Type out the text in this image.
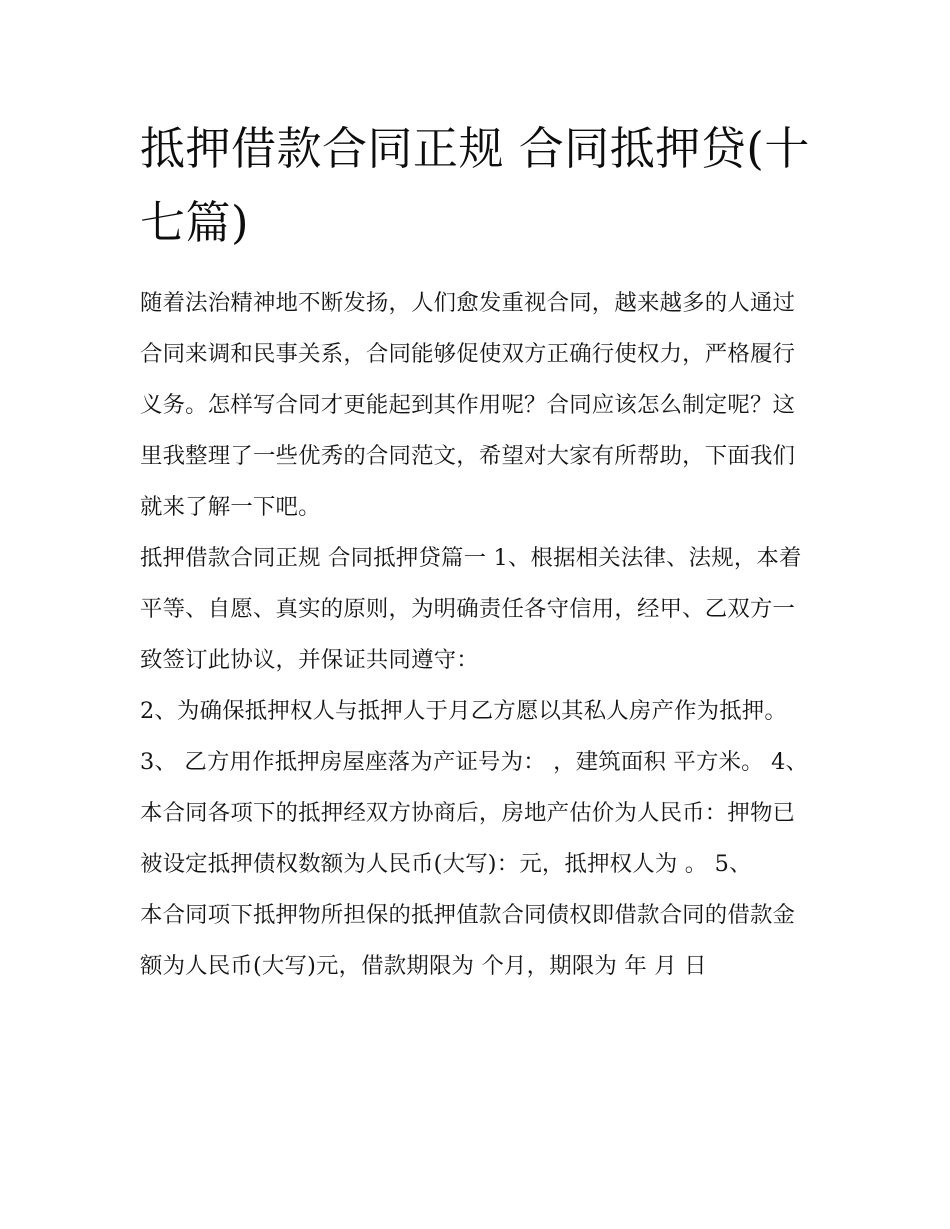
抵押借款合同正规 合同抵押贷(十七篇)

随着法治精神地不断发扬，人们愈发重视合同，越来越多的人通过合同来调和民事关系，合同能够促使双方正确行使权力，严格履行义务。怎样写合同才更能起到其作用呢？合同应该怎么制定呢？这里我整理了一些优秀的合同范文，希望对大家有所帮助，下面我们就来了解一下吧。

抵押借款合同正规 合同抵押贷篇一 1、根据相关法律、法规，本着平等、自愿、真实的原则，为明确责任各守信用，经甲、乙双方一致签订此协议，并保证共同遵守：

2、为确保抵押权人与抵押人于月乙方愿以其私人房产作为抵押。 3、 乙方用作抵押房屋座落为产证号为： ，建筑面积 平方米。 4、

本合同各项下的抵押经双方协商后，房地产估价为人民币：押物已被设定抵押债权数额为人民币(大写)：元，抵押权人为 。 5、

本合同项下抵押物所担保的抵押值款合同债权即借款合同的借款金额为人民币(大写)元，借款期限为 个月，期限为 年 月 日
